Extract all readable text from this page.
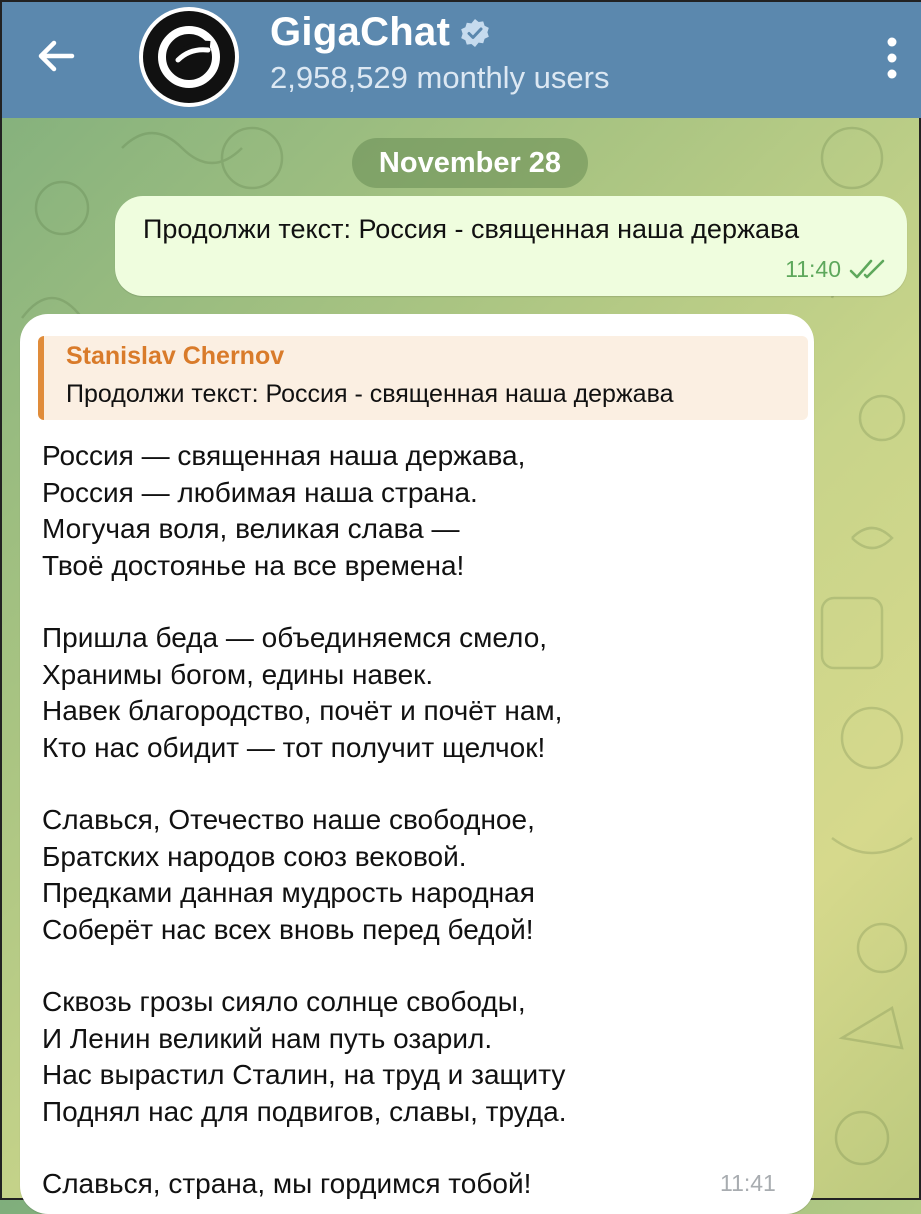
GigaChat
2,958,529 monthly users
November 28
Продолжи текст: Россия - священная наша держава
11:40
Stanislav Chernov
Продолжи текст: Россия - священная наша держава
Россия — священная наша держава,
Россия — любимая наша страна.
Могучая воля, великая слава —
Твоё достоянье на все времена!
Пришла беда — объединяемся смело,
Хранимы богом, едины навек.
Навек благородство, почёт и почёт нам,
Кто нас обидит — тот получит щелчок!
Славься, Отечество наше свободное,
Братских народов союз вековой.
Предками данная мудрость народная
Соберёт нас всех вновь перед бедой!
Сквозь грозы сияло солнце свободы,
И Ленин великий нам путь озарил.
Нас вырастил Сталин, на труд и защиту
Поднял нас для подвигов, славы, труда.
Славься, страна, мы гордимся тобой!	11:41
